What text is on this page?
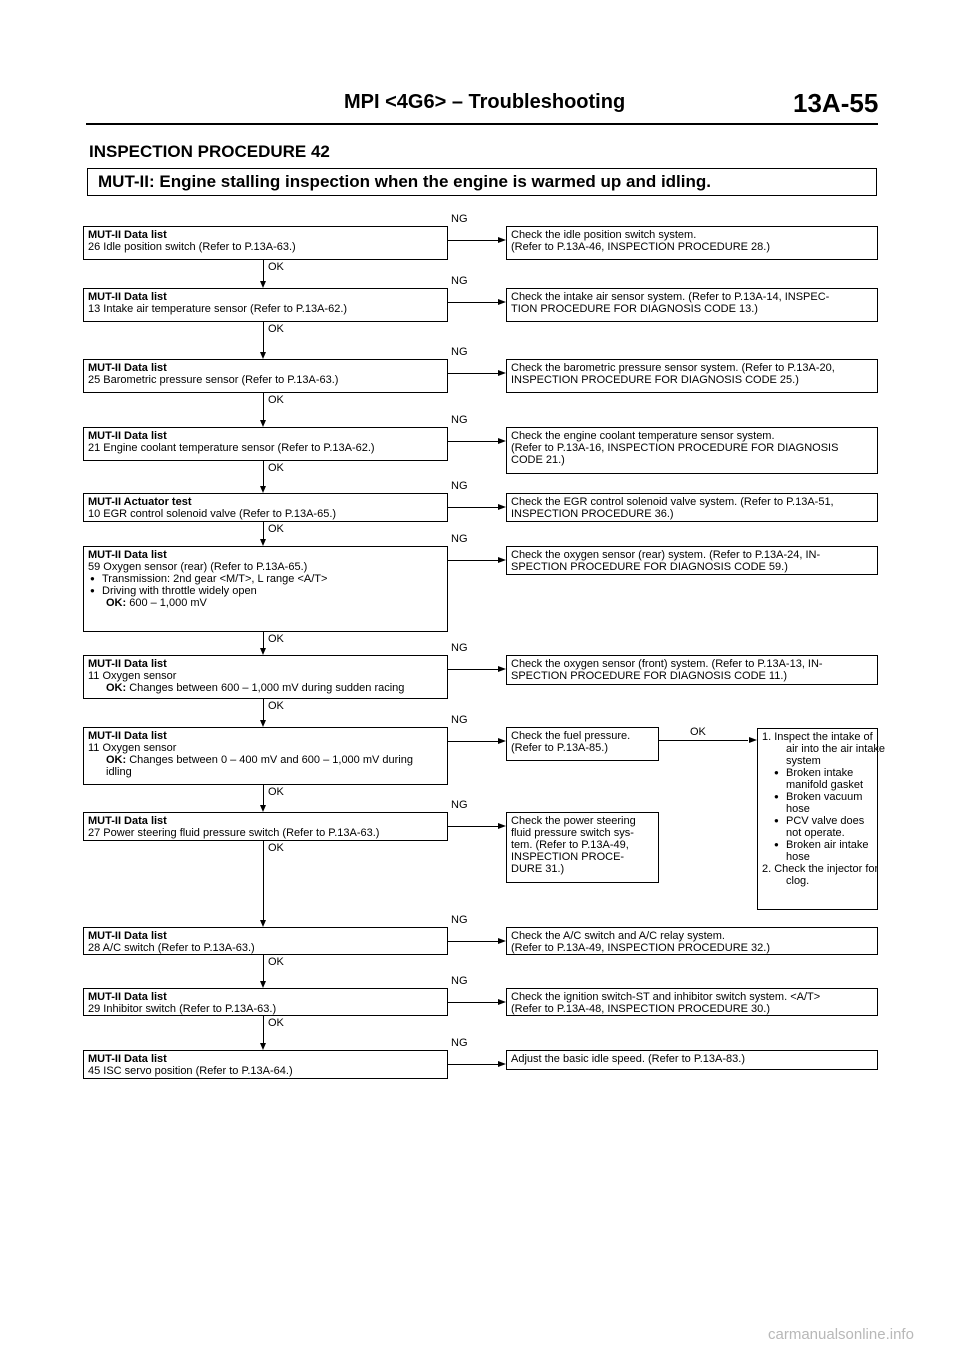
MPI <4G6> – Troubleshooting	13A-55
INSPECTION PROCEDURE 42
MUT-II: Engine stalling inspection when the engine is warmed up and idling.
MUT-II Data list
26 Idle position switch (Refer to P.13A-63.)
Check the idle position switch system.
(Refer to P.13A-46, INSPECTION PROCEDURE 28.)
NG
OK
MUT-II Data list
13 Intake air temperature sensor (Refer to P.13A-62.)
Check the intake air sensor system. (Refer to P.13A-14, INSPEC-
TION PROCEDURE FOR DIAGNOSIS CODE 13.)
NG
OK
MUT-II Data list
25 Barometric pressure sensor (Refer to P.13A-63.)
Check the barometric pressure sensor system. (Refer to P.13A-20,
INSPECTION PROCEDURE FOR DIAGNOSIS CODE 25.)
NG
OK
MUT-II Data list
21 Engine coolant temperature sensor (Refer to P.13A-62.)
Check the engine coolant temperature sensor system.
(Refer to P.13A-16, INSPECTION PROCEDURE FOR DIAGNOSIS
CODE 21.)
NG
OK
MUT-II Actuator test
10 EGR control solenoid valve (Refer to P.13A-65.)
Check the EGR control solenoid valve system. (Refer to P.13A-51,
INSPECTION PROCEDURE 36.)
NG
OK
MUT-II Data list
59 Oxygen sensor (rear) (Refer to P.13A-65.)
● Transmission: 2nd gear <M/T>, L range <A/T>
● Driving with throttle widely open
OK: 600 – 1,000 mV
Check the oxygen sensor (rear) system. (Refer to P.13A-24, IN-
SPECTION PROCEDURE FOR DIAGNOSIS CODE 59.)
NG
OK
MUT-II Data list
11 Oxygen sensor
OK: Changes between 600 – 1,000 mV during sudden racing
Check the oxygen sensor (front) system. (Refer to P.13A-13, IN-
SPECTION PROCEDURE FOR DIAGNOSIS CODE 11.)
NG
OK
MUT-II Data list
11 Oxygen sensor
OK: Changes between 0 – 400 mV and 600 – 1,000 mV during
idling
Check the fuel pressure.
(Refer to P.13A-85.)
NG
OK
MUT-II Data list
27 Power steering fluid pressure switch (Refer to P.13A-63.)
Check the power steering
fluid pressure switch sys-
tem. (Refer to P.13A-49,
INSPECTION PROCE-
DURE 31.)
NG
OK
MUT-II Data list
28 A/C switch (Refer to P.13A-63.)
Check the A/C switch and A/C relay system.
(Refer to P.13A-49, INSPECTION PROCEDURE 32.)
NG
OK
MUT-II Data list
29 Inhibitor switch (Refer to P.13A-63.)
Check the ignition switch-ST and inhibitor switch system. <A/T>
(Refer to P.13A-48, INSPECTION PROCEDURE 30.)
NG
OK
MUT-II Data list
45 ISC servo position (Refer to P.13A-64.)
Adjust the basic idle speed. (Refer to P.13A-83.)
NG
OK	1. Inspect the intake of
air into the air intake
system
● Broken intake
manifold gasket
● Broken vacuum
hose
● PCV valve does
not operate.
● Broken air intake
hose
2. Check the injector for
clog.
carmanualsonline.info
